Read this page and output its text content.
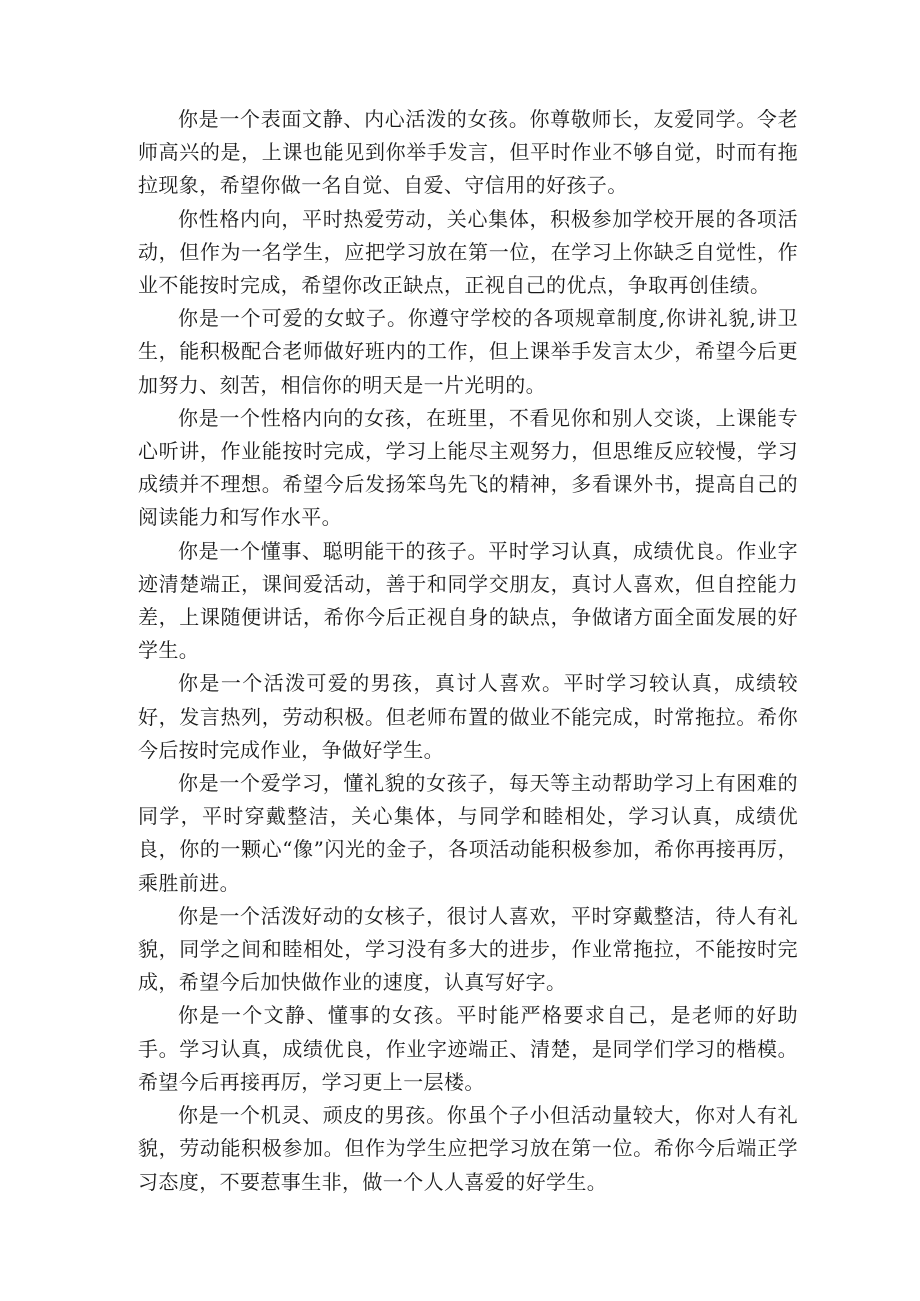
你是一个表面文静、内心活泼的女孩。你尊敬师长，友爱同学。令老师高兴的是，上课也能见到你举手发言，但平时作业不够自觉，时而有拖拉现象，希望你做一名自觉、自爱、守信用的好孩子。

你性格内向，平时热爱劳动，关心集体，积极参加学校开展的各项活动，但作为一名学生，应把学习放在第一位，在学习上你缺乏自觉性，作业不能按时完成，希望你改正缺点，正视自己的优点，争取再创佳绩。

你是一个可爱的女蚊子。你遵守学校的各项规章制度,你讲礼貌,讲卫生，能积极配合老师做好班内的工作，但上课举手发言太少，希望今后更加努力、刻苦，相信你的明天是一片光明的。

你是一个性格内向的女孩，在班里，不看见你和别人交谈，上课能专心听讲，作业能按时完成，学习上能尽主观努力，但思维反应较慢，学习成绩并不理想。希望今后发扬笨鸟先飞的精神，多看课外书，提高自己的阅读能力和写作水平。

你是一个懂事、聪明能干的孩子。平时学习认真，成绩优良。作业字迹清楚端正，课间爱活动，善于和同学交朋友，真讨人喜欢，但自控能力差，上课随便讲话，希你今后正视自身的缺点，争做诸方面全面发展的好学生。

你是一个活泼可爱的男孩，真讨人喜欢。平时学习较认真，成绩较好，发言热列，劳动积极。但老师布置的做业不能完成，时常拖拉。希你今后按时完成作业，争做好学生。

你是一个爱学习，懂礼貌的女孩子，每天等主动帮助学习上有困难的同学，平时穿戴整洁，关心集体，与同学和睦相处，学习认真，成绩优良，你的一颗心“像”闪光的金子，各项活动能积极参加，希你再接再厉，乘胜前进。

你是一个活泼好动的女核子，很讨人喜欢，平时穿戴整洁，待人有礼貌，同学之间和睦相处，学习没有多大的进步，作业常拖拉，不能按时完成，希望今后加快做作业的速度，认真写好字。

你是一个文静、懂事的女孩。平时能严格要求自己，是老师的好助手。学习认真，成绩优良，作业字迹端正、清楚，是同学们学习的楷模。希望今后再接再厉，学习更上一层楼。

你是一个机灵、顽皮的男孩。你虽个子小但活动量较大，你对人有礼貌，劳动能积极参加。但作为学生应把学习放在第一位。希你今后端正学习态度，不要惹事生非，做一个人人喜爱的好学生。
